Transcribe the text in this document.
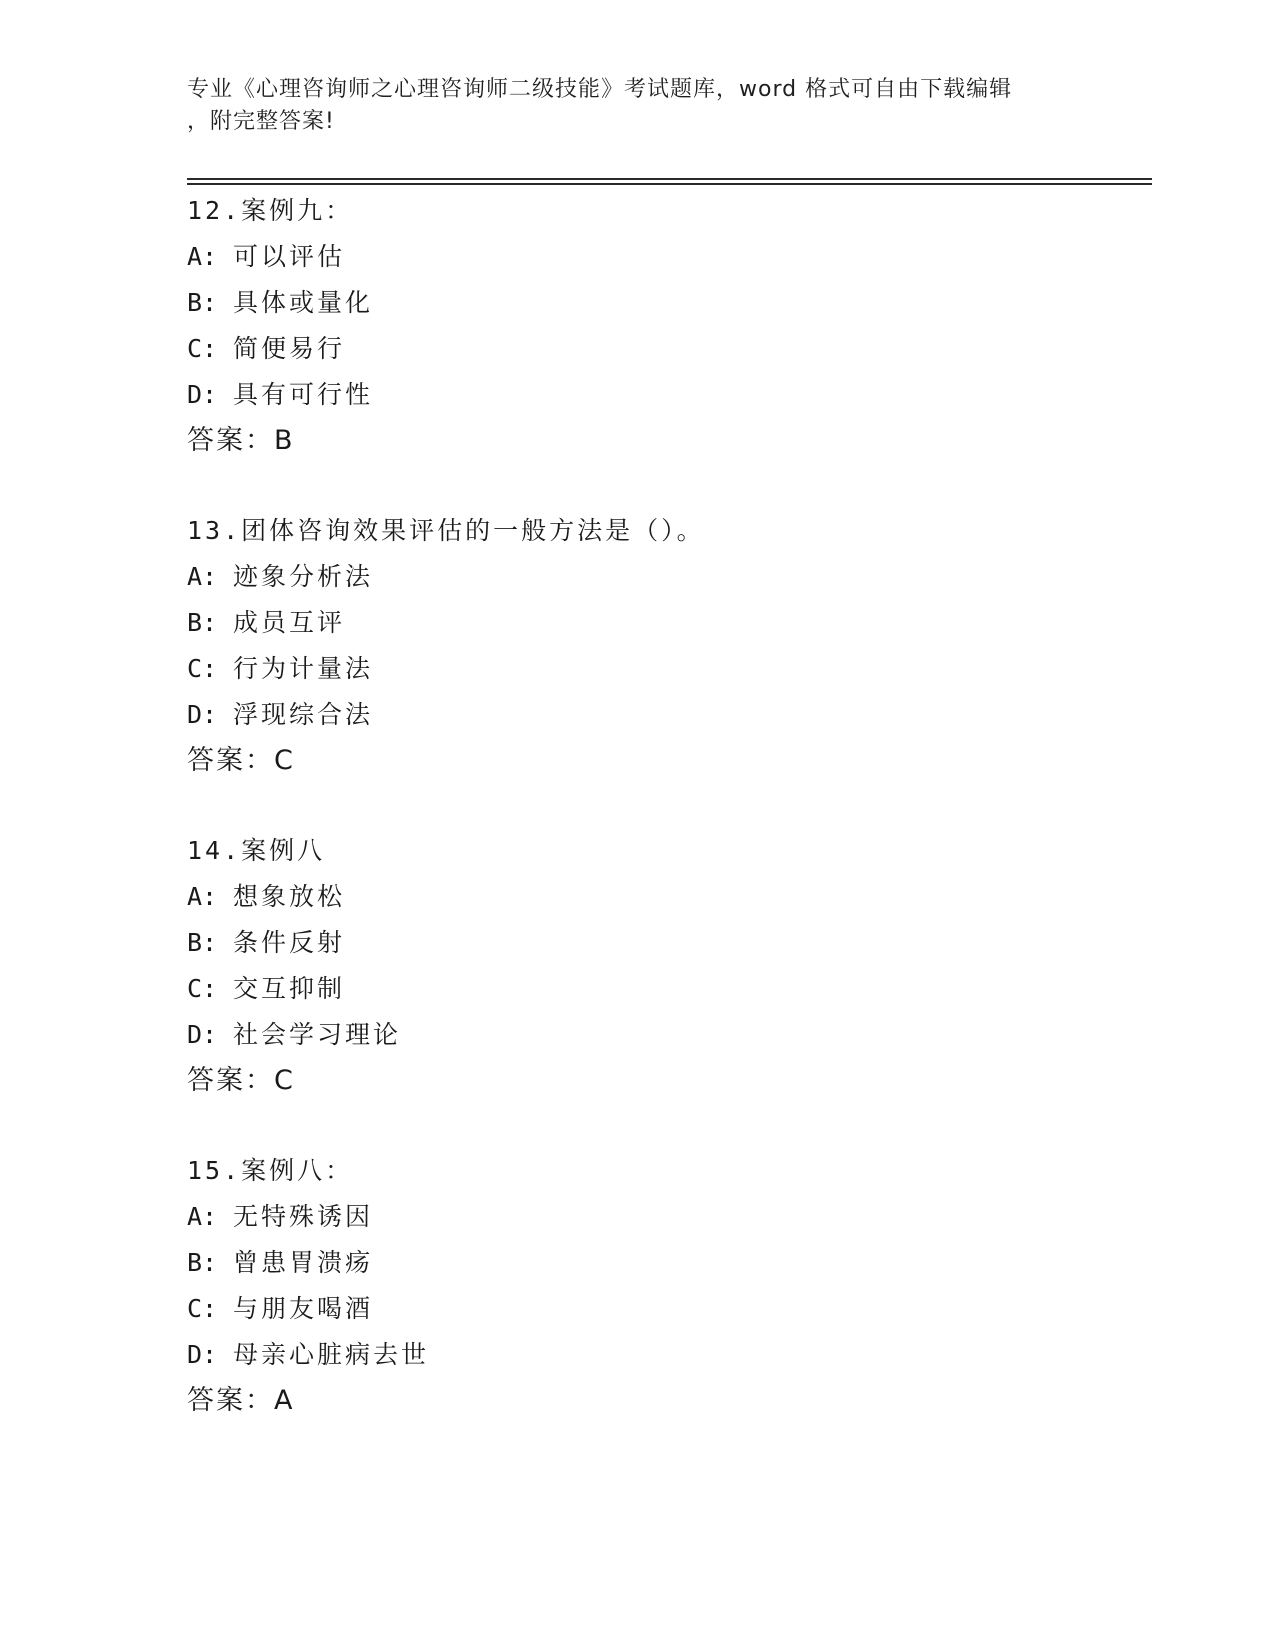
专业《心理咨询师之心理咨询师二级技能》考试题库，word 格式可自由下载编辑
，附完整答案!
12.案例九：
A: 可以评估
B: 具体或量化
C: 简便易行
D: 具有可行性
答案：B
13.团体咨询效果评估的一般方法是（）。
A: 迹象分析法
B: 成员互评
C: 行为计量法
D: 浮现综合法
答案：C
14.案例八
A: 想象放松
B: 条件反射
C: 交互抑制
D: 社会学习理论
答案：C
15.案例八：
A: 无特殊诱因
B: 曾患胃溃疡
C: 与朋友喝酒
D: 母亲心脏病去世
答案：A
